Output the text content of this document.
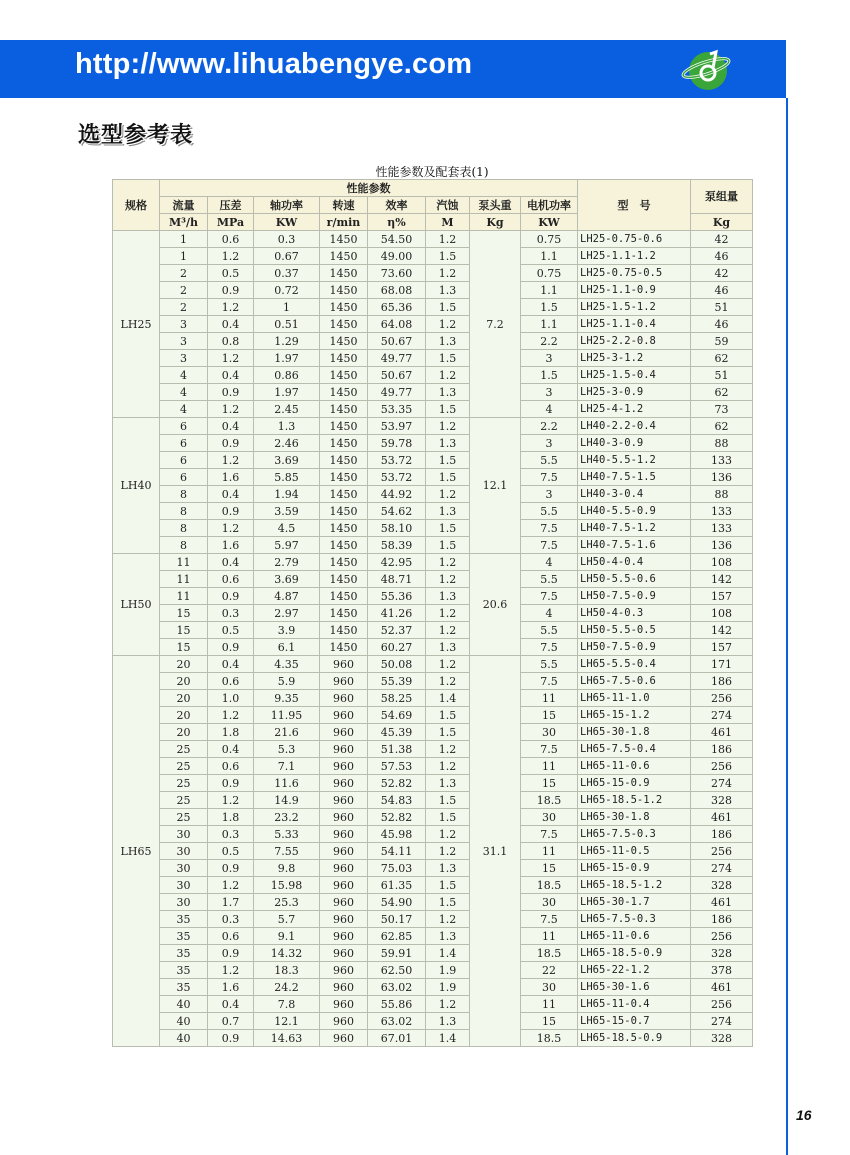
http://www.lihuabengye.com
选型参考表
性能参数及配套表(1)
规格	性能参数								型　号	泵组量
	流量	压差	轴功率	转速	效率	汽蚀	泵头重	电机功率		
	M³/h	MPa	KW	r/min	η%	M	Kg	KW		Kg
LH25	1	0.6	0.3	1450	54.50	1.2	7.2	0.75	LH25-0.75-0.6	42
	1	1.2	0.67	1450	49.00	1.5		1.1	LH25-1.1-1.2	46
	2	0.5	0.37	1450	73.60	1.2		0.75	LH25-0.75-0.5	42
	2	0.9	0.72	1450	68.08	1.3		1.1	LH25-1.1-0.9	46
	2	1.2	1	1450	65.36	1.5		1.5	LH25-1.5-1.2	51
	3	0.4	0.51	1450	64.08	1.2		1.1	LH25-1.1-0.4	46
	3	0.8	1.29	1450	50.67	1.3		2.2	LH25-2.2-0.8	59
	3	1.2	1.97	1450	49.77	1.5		3	LH25-3-1.2	62
	4	0.4	0.86	1450	50.67	1.2		1.5	LH25-1.5-0.4	51
	4	0.9	1.97	1450	49.77	1.3		3	LH25-3-0.9	62
	4	1.2	2.45	1450	53.35	1.5		4	LH25-4-1.2	73
LH40	6	0.4	1.3	1450	53.97	1.2	12.1	2.2	LH40-2.2-0.4	62
	6	0.9	2.46	1450	59.78	1.3		3	LH40-3-0.9	88
	6	1.2	3.69	1450	53.72	1.5		5.5	LH40-5.5-1.2	133
	6	1.6	5.85	1450	53.72	1.5		7.5	LH40-7.5-1.5	136
	8	0.4	1.94	1450	44.92	1.2		3	LH40-3-0.4	88
	8	0.9	3.59	1450	54.62	1.3		5.5	LH40-5.5-0.9	133
	8	1.2	4.5	1450	58.10	1.5		7.5	LH40-7.5-1.2	133
	8	1.6	5.97	1450	58.39	1.5		7.5	LH40-7.5-1.6	136
LH50	11	0.4	2.79	1450	42.95	1.2	20.6	4	LH50-4-0.4	108
	11	0.6	3.69	1450	48.71	1.2		5.5	LH50-5.5-0.6	142
	11	0.9	4.87	1450	55.36	1.3		7.5	LH50-7.5-0.9	157
	15	0.3	2.97	1450	41.26	1.2		4	LH50-4-0.3	108
	15	0.5	3.9	1450	52.37	1.2		5.5	LH50-5.5-0.5	142
	15	0.9	6.1	1450	60.27	1.3		7.5	LH50-7.5-0.9	157
LH65	20	0.4	4.35	960	50.08	1.2	31.1	5.5	LH65-5.5-0.4	171
	20	0.6	5.9	960	55.39	1.2		7.5	LH65-7.5-0.6	186
	20	1.0	9.35	960	58.25	1.4		11	LH65-11-1.0	256
	20	1.2	11.95	960	54.69	1.5		15	LH65-15-1.2	274
	20	1.8	21.6	960	45.39	1.5		30	LH65-30-1.8	461
	25	0.4	5.3	960	51.38	1.2		7.5	LH65-7.5-0.4	186
	25	0.6	7.1	960	57.53	1.2		11	LH65-11-0.6	256
	25	0.9	11.6	960	52.82	1.3		15	LH65-15-0.9	274
	25	1.2	14.9	960	54.83	1.5		18.5	LH65-18.5-1.2	328
	25	1.8	23.2	960	52.82	1.5		30	LH65-30-1.8	461
	30	0.3	5.33	960	45.98	1.2		7.5	LH65-7.5-0.3	186
	30	0.5	7.55	960	54.11	1.2		11	LH65-11-0.5	256
	30	0.9	9.8	960	75.03	1.3		15	LH65-15-0.9	274
	30	1.2	15.98	960	61.35	1.5		18.5	LH65-18.5-1.2	328
	30	1.7	25.3	960	54.90	1.5		30	LH65-30-1.7	461
	35	0.3	5.7	960	50.17	1.2		7.5	LH65-7.5-0.3	186
	35	0.6	9.1	960	62.85	1.3		11	LH65-11-0.6	256
	35	0.9	14.32	960	59.91	1.4		18.5	LH65-18.5-0.9	328
	35	1.2	18.3	960	62.50	1.9		22	LH65-22-1.2	378
	35	1.6	24.2	960	63.02	1.9		30	LH65-30-1.6	461
	40	0.4	7.8	960	55.86	1.2		11	LH65-11-0.4	256
	40	0.7	12.1	960	63.02	1.3		15	LH65-15-0.7	274
	40	0.9	14.63	960	67.01	1.4		18.5	LH65-18.5-0.9	328
16
